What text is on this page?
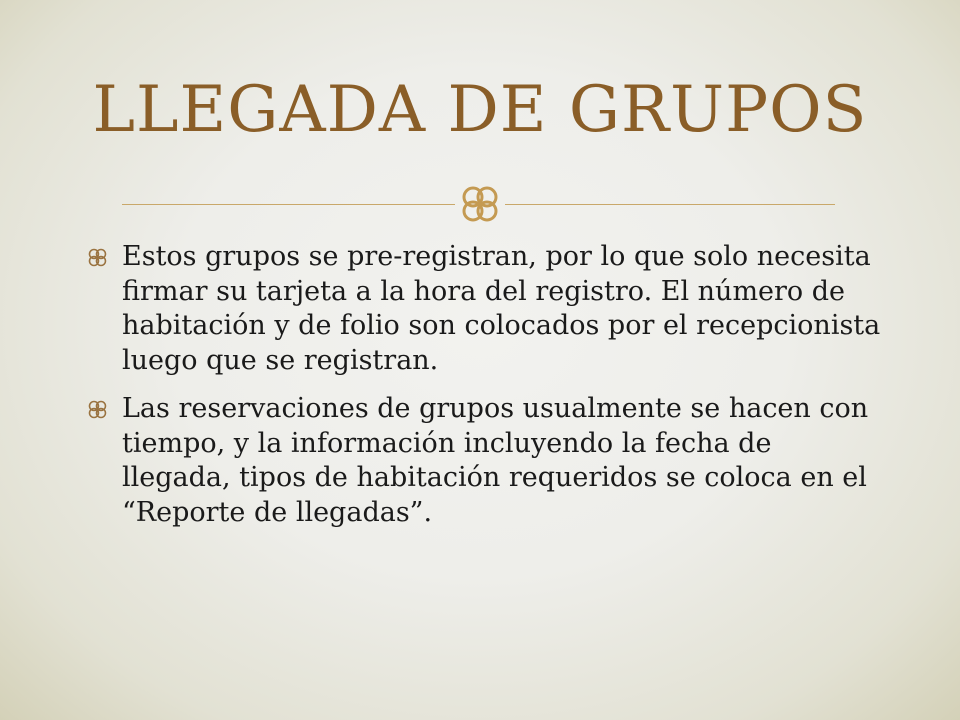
LLEGADA DE GRUPOS
Estos grupos se pre-registran, por lo que solo necesita firmar su tarjeta a la hora del registro. El número de habitación y de folio son colocados por el recepcionista luego que se registran.
Las reservaciones de grupos usualmente se hacen con tiempo, y la información incluyendo la fecha de llegada, tipos de habitación requeridos se coloca en el “Reporte de llegadas”.
